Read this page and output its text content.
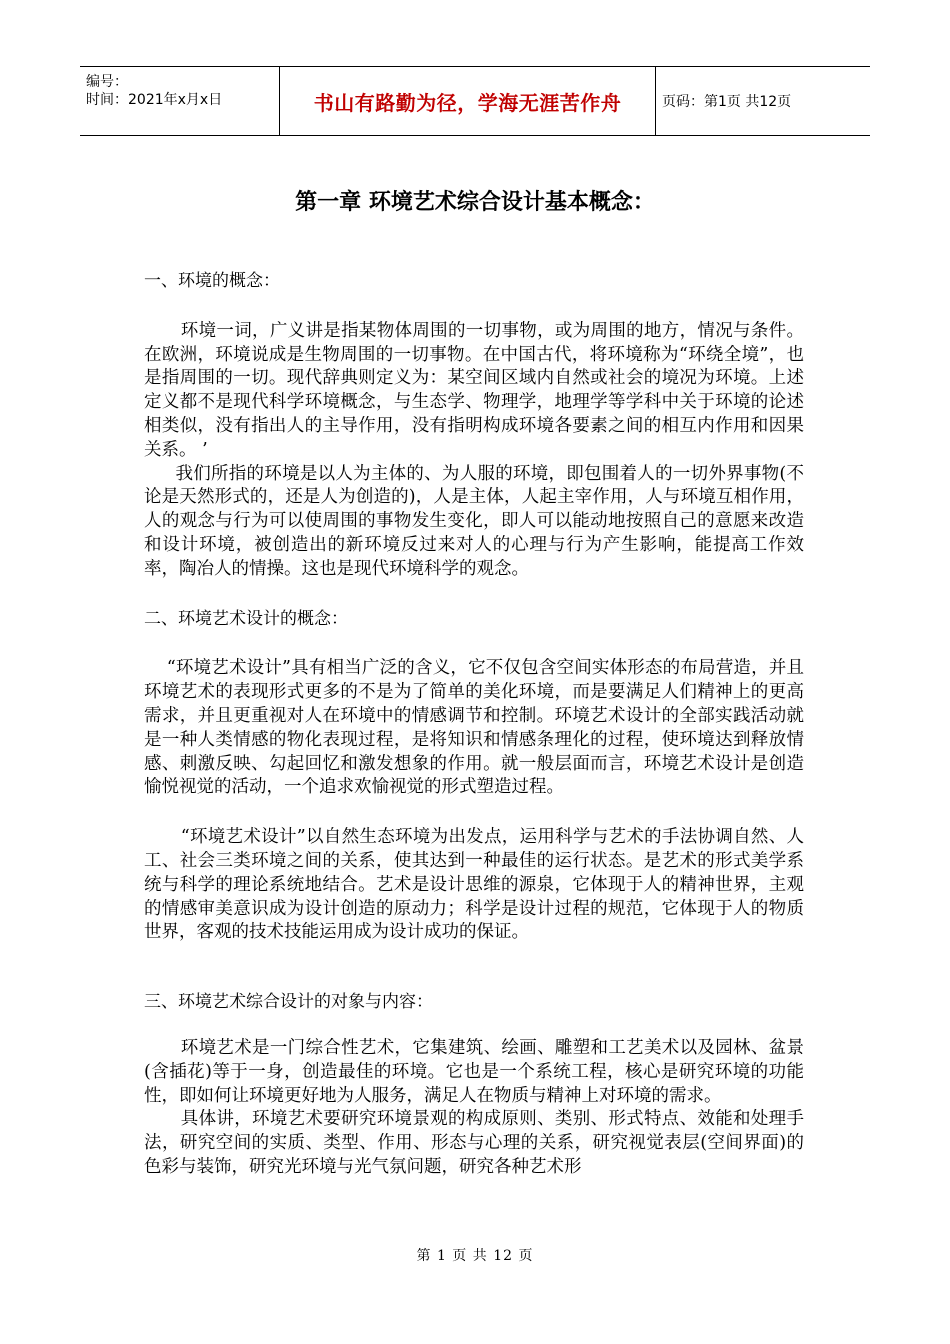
编号：
时间：2021年x月x日	书山有路勤为径，学海无涯苦作舟	页码：第1页 共12页
第一章 环境艺术综合设计基本概念：

一、环境的概念：

环境一词，广义讲是指某物体周围的一切事物，或为周围的地方，情况与条件。在欧洲，环境说成是生物周围的一切事物。在中国古代，将环境称为“环绕全境”，也是指周围的一切。现代辞典则定义为：某空间区域内自然或社会的境况为环境。上述定义都不是现代科学环境概念，与生态学、物理学，地理学等学科中关于环境的论述相类似，没有指出人的主导作用，没有指明构成环境各要素之间的相互内作用和因果关系。 ’

我们所指的环境是以人为主体的、为人服的环境，即包围着人的一切外界事物(不论是天然形式的，还是人为创造的)，人是主体，人起主宰作用，人与环境互相作用，人的观念与行为可以使周围的事物发生变化，即人可以能动地按照自己的意愿来改造和设计环境，被创造出的新环境反过来对人的心理与行为产生影响，能提高工作效率，陶冶人的情操。这也是现代环境科学的观念。

二、环境艺术设计的概念：

“环境艺术设计”具有相当广泛的含义，它不仅包含空间实体形态的布局营造，并且环境艺术的表现形式更多的不是为了简单的美化环境，而是要满足人们精神上的更高需求，并且更重视对人在环境中的情感调节和控制。环境艺术设计的全部实践活动就是一种人类情感的物化表现过程，是将知识和情感条理化的过程，使环境达到释放情感、刺激反映、勾起回忆和激发想象的作用。就一般层面而言，环境艺术设计是创造愉悦视觉的活动，一个追求欢愉视觉的形式塑造过程。

“环境艺术设计”以自然生态环境为出发点，运用科学与艺术的手法协调自然、人工、社会三类环境之间的关系，使其达到一种最佳的运行状态。是艺术的形式美学系统与科学的理论系统地结合。艺术是设计思维的源泉，它体现于人的精神世界，主观的情感审美意识成为设计创造的原动力；科学是设计过程的规范，它体现于人的物质世界，客观的技术技能运用成为设计成功的保证。

三、环境艺术综合设计的对象与内容：

环境艺术是一门综合性艺术，它集建筑、绘画、雕塑和工艺美术以及园林、盆景(含插花)等于一身，创造最佳的环境。它也是一个系统工程，核心是研究环境的功能性，即如何让环境更好地为人服务，满足人在物质与精神上对环境的需求。

具体讲，环境艺术要研究环境景观的构成原则、类别、形式特点、效能和处理手法，研究空间的实质、类型、作用、形态与心理的关系，研究视觉表层(空间界面)的色彩与装饰，研究光环境与光气氛问题，研究各种艺术形

第 1 页 共 12 页
